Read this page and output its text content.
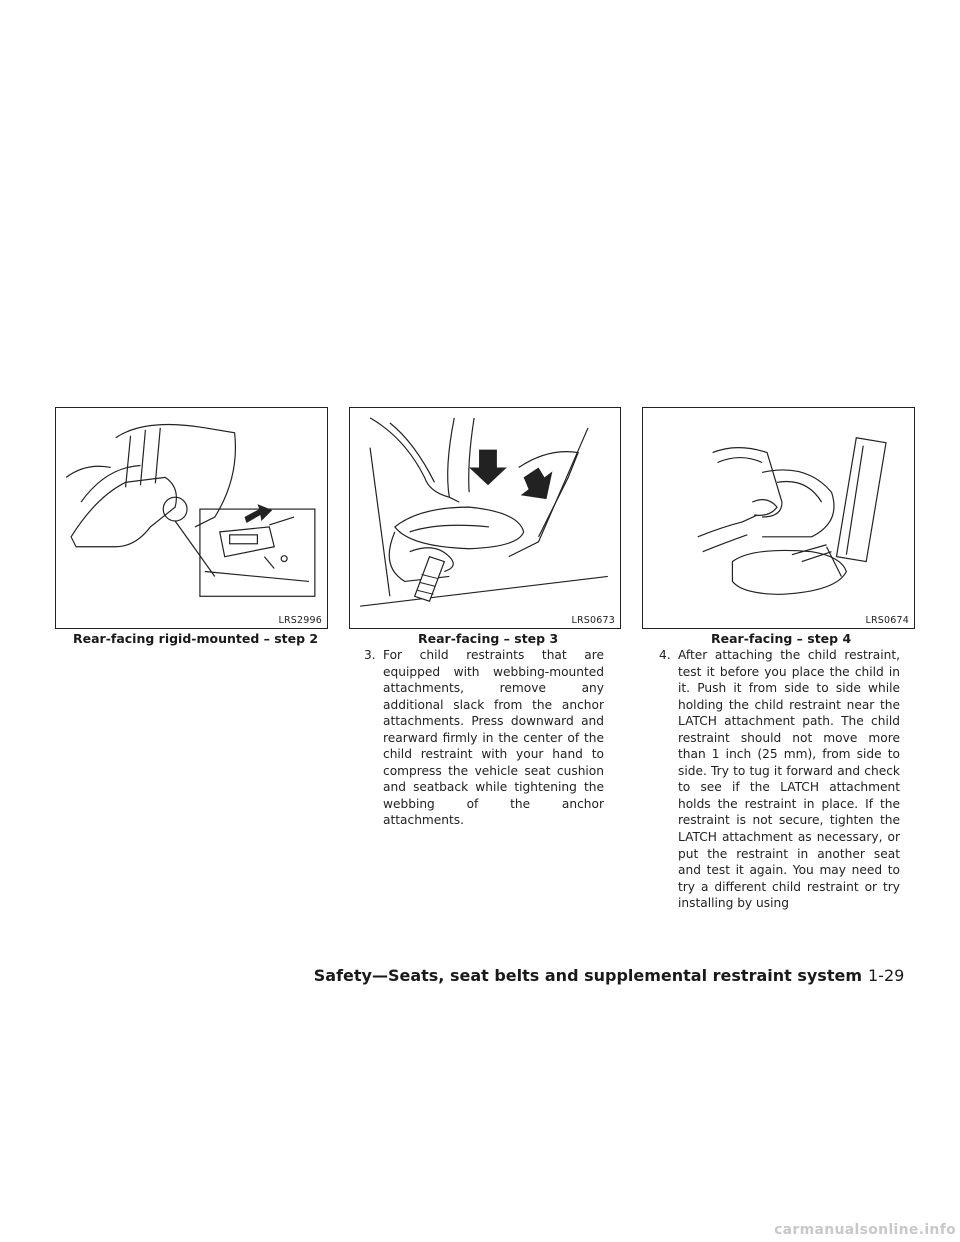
LRS2996	LRS0673	LRS0674
Rear-facing rigid-mounted – step 2	Rear-facing – step 3	Rear-facing – step 4
3. For child restraints that are equipped with webbing-mounted attachments, remove any additional slack from the anchor attachments. Press downward and rearward firmly in the center of the child restraint with your hand to compress the vehicle seat cushion and seatback while tightening the webbing of the anchor attachments.
4. After attaching the child restraint, test it before you place the child in it. Push it from side to side while holding the child restraint near the LATCH attachment path. The child restraint should not move more than 1 inch (25 mm), from side to side. Try to tug it forward and check to see if the LATCH attachment holds the restraint in place. If the restraint is not secure, tighten the LATCH attachment as necessary, or put the restraint in another seat and test it again. You may need to try a different child restraint or try installing by using
Safety—Seats, seat belts and supplemental restraint system 1-29
carmanualsonline.info
